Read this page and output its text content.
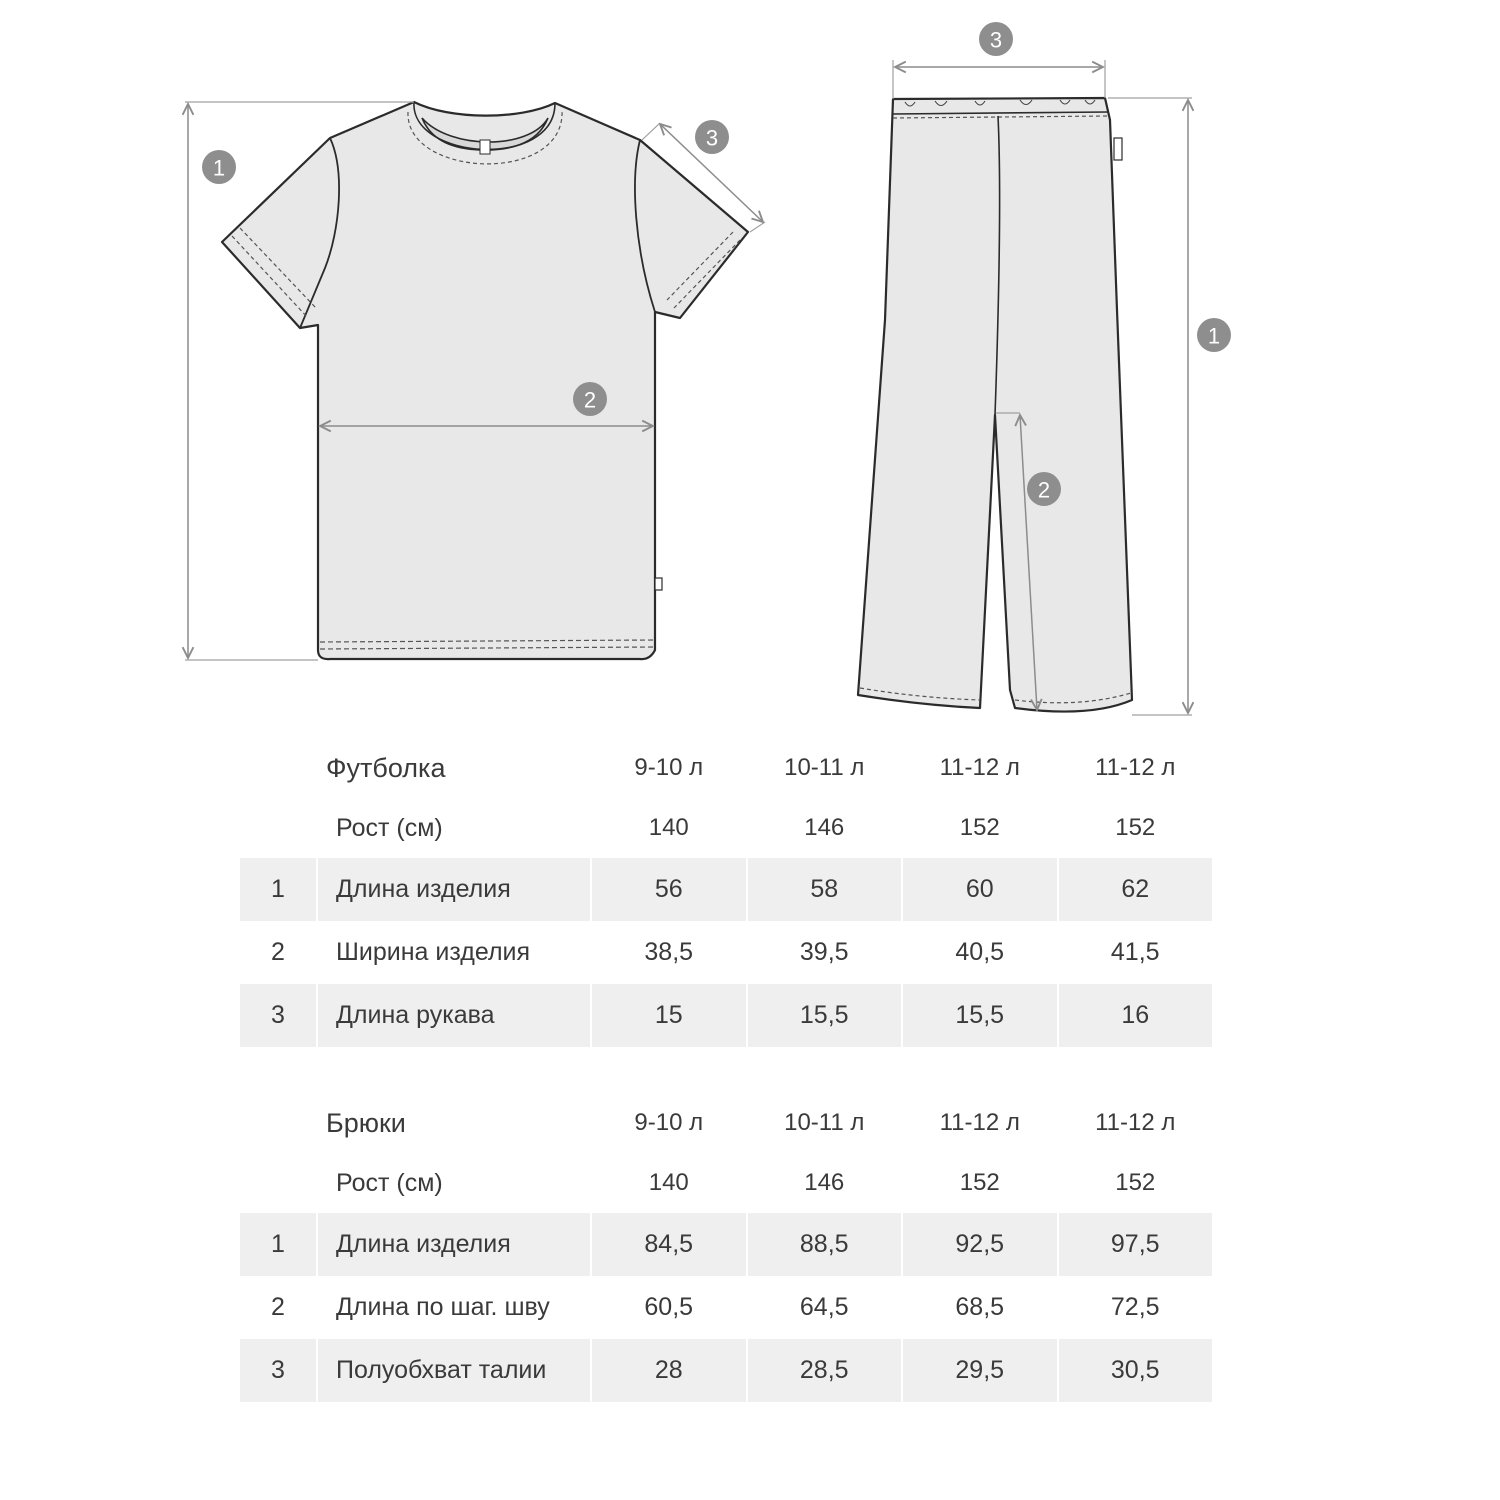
1
2
3
3
1
2
	Футболка	9-10 л	10-11 л	11-12 л	11-12 л
	Рост (см)	140	146	152	152
1	Длина изделия	56	58	60	62
2	Ширина изделия	38,5	39,5	40,5	41,5
3	Длина рукава	15	15,5	15,5	16
	Брюки	9-10 л	10-11 л	11-12 л	11-12 л
	Рост (см)	140	146	152	152
1	Длина изделия	84,5	88,5	92,5	97,5
2	Длина по шаг. шву	60,5	64,5	68,5	72,5
3	Полуобхват талии	28	28,5	29,5	30,5
